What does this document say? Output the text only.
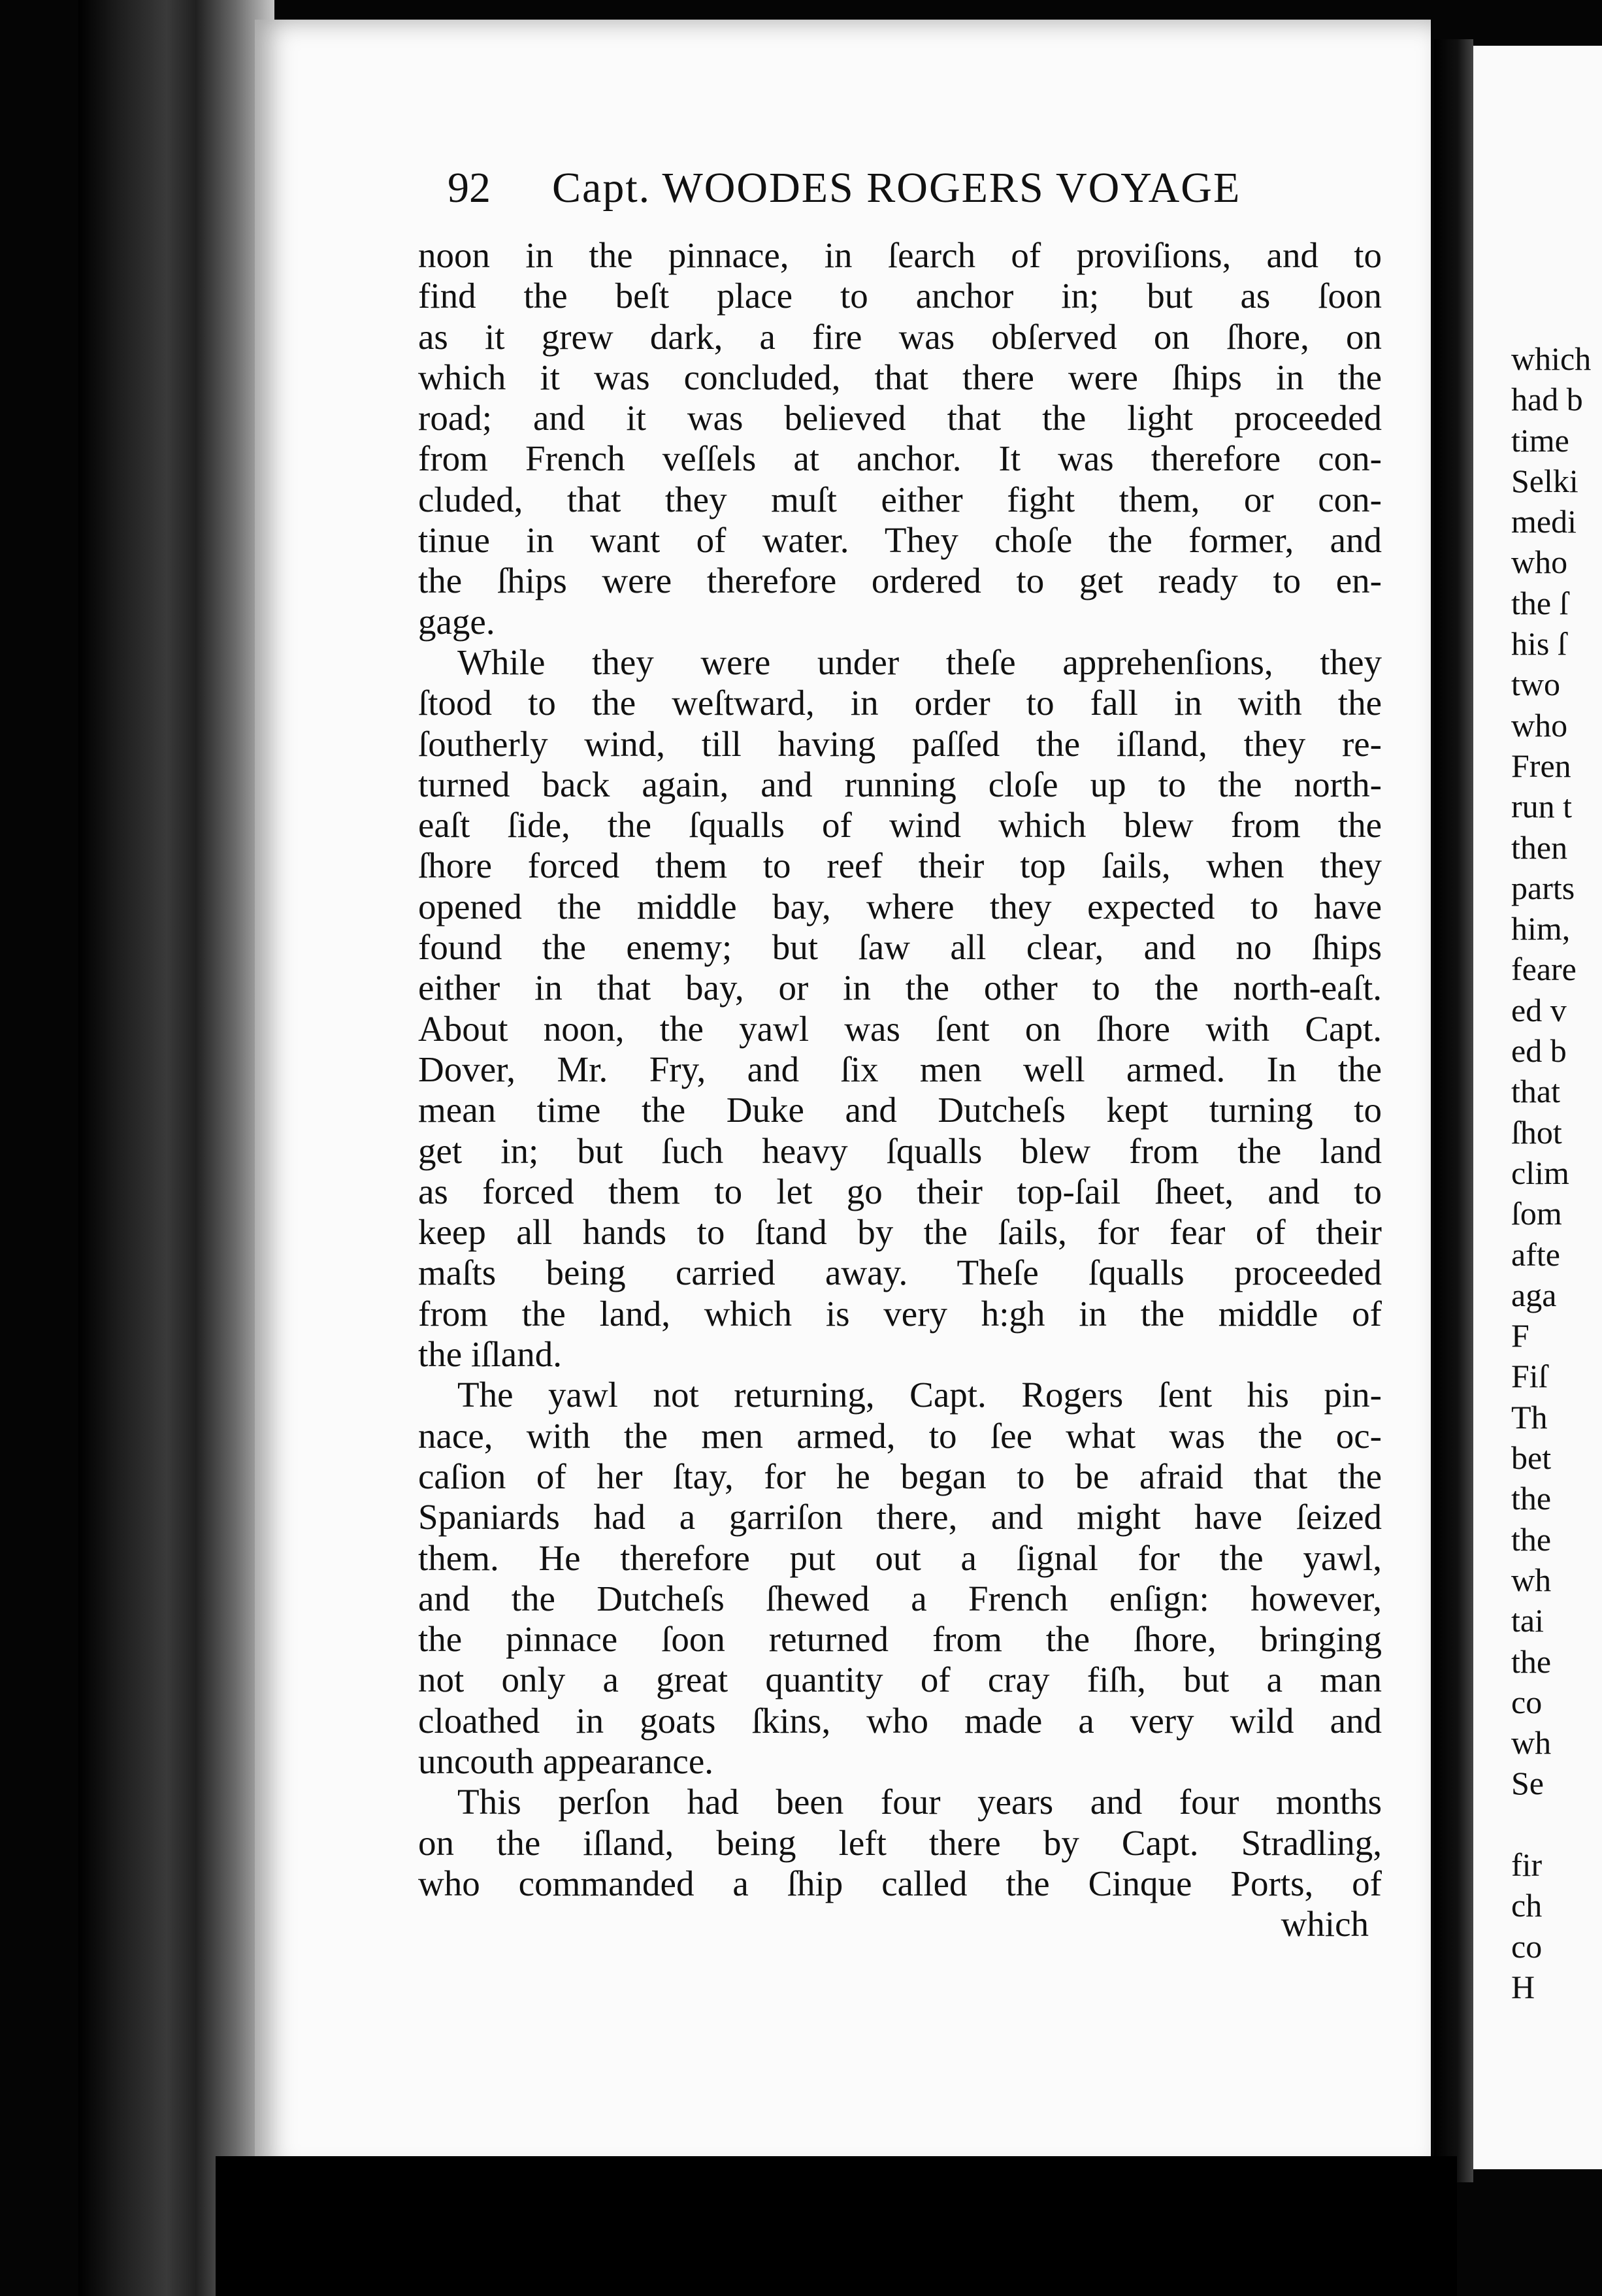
which
had b
time
Selki
medi
who
the ſ
his ſ
two
who
Fren
run t
then
parts
him,
feare
ed v
ed b
that
ſhot
clim
ſom
afte
aga
F
Fiſ
Th
bet
the
the
wh
tai
the
co
wh
Se
fir
ch
co
H
92 Capt. WOODES ROGERS VOYAGE
noon in the pinnace, in ſearch of proviſions, and to
find the beſt place to anchor in; but as ſoon
as it grew dark, a fire was obſerved on ſhore, on
which it was concluded, that there were ſhips in the
road; and it was believed that the light proceeded
from French veſſels at anchor. It was therefore con-
cluded, that they muſt either fight them, or con-
tinue in want of water. They choſe the former, and
the ſhips were therefore ordered to get ready to en-
gage.
While they were under theſe apprehenſions, they
ſtood to the weſtward, in order to fall in with the
ſoutherly wind, till having paſſed the iſland, they re-
turned back again, and running cloſe up to the north-
eaſt ſide, the ſqualls of wind which blew from the
ſhore forced them to reef their top ſails, when they
opened the middle bay, where they expected to have
found the enemy; but ſaw all clear, and no ſhips
either in that bay, or in the other to the north-eaſt.
About noon, the yawl was ſent on ſhore with Capt.
Dover, Mr. Fry, and ſix men well armed. In the
mean time the Duke and Dutcheſs kept turning to
get in; but ſuch heavy ſqualls blew from the land
as forced them to let go their top-ſail ſheet, and to
keep all hands to ſtand by the ſails, for fear of their
maſts being carried away. Theſe ſqualls proceeded
from the land, which is very h:gh in the middle of
the iſland.
The yawl not returning, Capt. Rogers ſent his pin-
nace, with the men armed, to ſee what was the oc-
caſion of her ſtay, for he began to be afraid that the
Spaniards had a garriſon there, and might have ſeized
them. He therefore put out a ſignal for the yawl,
and the Dutcheſs ſhewed a French enſign: however,
the pinnace ſoon returned from the ſhore, bringing
not only a great quantity of cray fiſh, but a man
cloathed in goats ſkins, who made a very wild and
uncouth appearance.
This perſon had been four years and four months
on the iſland, being left there by Capt. Stradling,
who commanded a ſhip called the Cinque Ports, of
which
